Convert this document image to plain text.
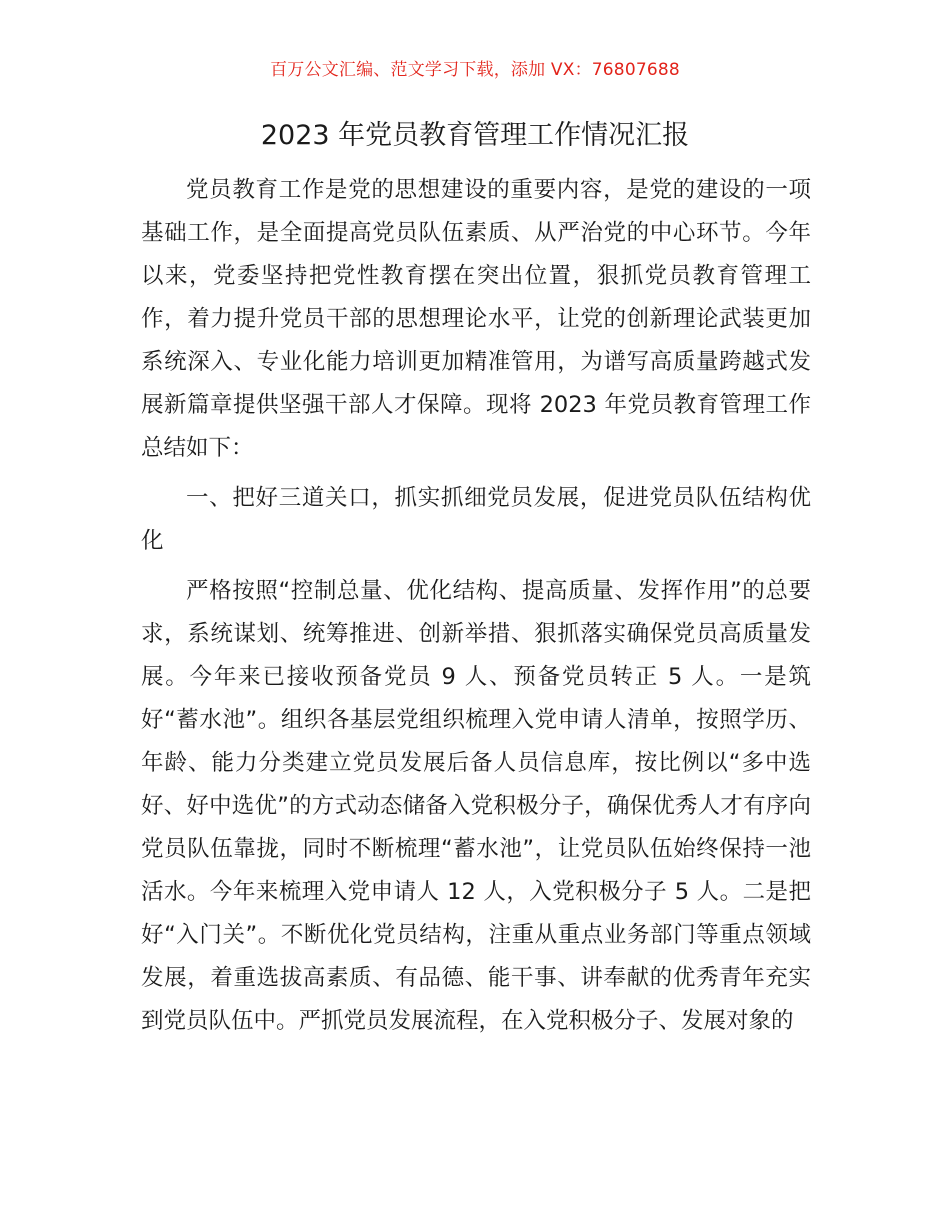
百万公文汇编、范文学习下载，添加 VX：76807688
2023 年党员教育管理工作情况汇报

党员教育工作是党的思想建设的重要内容，是党的建设的一项基础工作，是全面提高党员队伍素质、从严治党的中心环节。今年以来，党委坚持把党性教育摆在突出位置，狠抓党员教育管理工作，着力提升党员干部的思想理论水平，让党的创新理论武装更加系统深入、专业化能力培训更加精准管用，为谱写高质量跨越式发展新篇章提供坚强干部人才保障。现将 2023 年党员教育管理工作总结如下：

一、把好三道关口，抓实抓细党员发展，促进党员队伍结构优化

严格按照“控制总量、优化结构、提高质量、发挥作用”的总要求，系统谋划、统筹推进、创新举措、狠抓落实确保党员高质量发展。今年来已接收预备党员 9 人、预备党员转正 5 人。一是筑好“蓄水池”。组织各基层党组织梳理入党申请人清单，按照学历、年龄、能力分类建立党员发展后备人员信息库，按比例以“多中选好、好中选优”的方式动态储备入党积极分子，确保优秀人才有序向党员队伍靠拢，同时不断梳理“蓄水池”，让党员队伍始终保持一池活水。今年来梳理入党申请人 12 人，入党积极分子 5 人。二是把好“入门关”。不断优化党员结构，注重从重点业务部门等重点领域发展，着重选拔高素质、有品德、能干事、讲奉献的优秀青年充实到党员队伍中。严抓党员发展流程，在入党积极分子、发展对象的
